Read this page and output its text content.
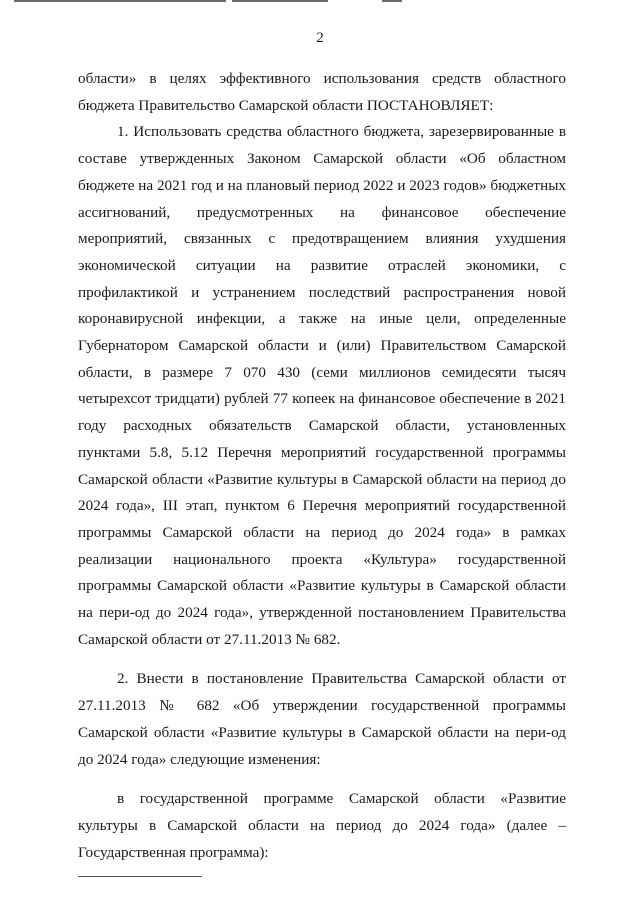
2

области» в целях эффективного использования средств областного бюджета Правительство Самарской области ПОСТАНОВЛЯЕТ:

1. Использовать средства областного бюджета, зарезервированные в составе утвержденных Законом Самарской области «Об областном бюджете на 2021 год и на плановый период 2022 и 2023 годов» бюджетных ассигнований, предусмотренных на финансовое обеспечение мероприятий, связанных с предотвращением влияния ухудшения экономической ситуации на развитие отраслей экономики, с профилактикой и устранением последствий распространения новой коронавирусной инфекции, а также на иные цели, определенные Губернатором Самарской области и (или) Правительством Самарской области, в размере 7 070 430 (семи миллионов семидесяти тысяч четырехсот тридцати) рублей 77 копеек на финансовое обеспечение в 2021 году расходных обязательств Самарской области, установленных пунктами 5.8, 5.12 Перечня мероприятий государственной программы Самарской области «Развитие культуры в Самарской области на период до 2024 года», III этап, пунктом 6 Перечня мероприятий государственной программы Самарской области на период до 2024 года» в рамках реализации национального проекта «Культура» государственной программы Самарской области «Развитие культуры в Самарской области на пери-од до 2024 года», утвержденной постановлением Правительства Самарской области от 27.11.2013 № 682.

2. Внести в постановление Правительства Самарской области от 27.11.2013 № 682 «Об утверждении государственной программы Самарской области «Развитие культуры в Самарской области на пери-од до 2024 года» следующие изменения:

в государственной программе Самарской области «Развитие культуры в Самарской области на период до 2024 года» (далее – Государственная программа):
